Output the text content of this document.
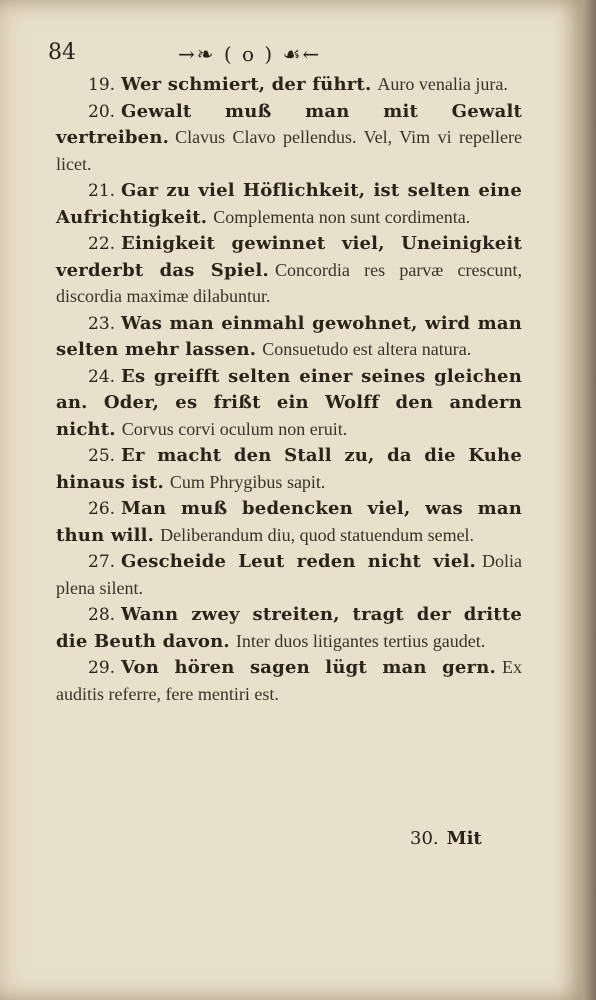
84	→❧ ( o ) ☙←

19. Wer schmiert, der führt. Auro venalia jura.

20. Gewalt muß man mit Gewalt vertreiben. Clavus Clavo pellendus. Vel, Vim vi repellere licet.

21. Gar zu viel Höflichkeit, ist selten eine Aufrichtigkeit. Complementa non sunt cordimenta.

22. Einigkeit gewinnet viel, Uneinigkeit verderbt das Spiel. Concordia res parvæ crescunt, discordia maximæ dilabuntur.

23. Was man einmahl gewohnet, wird man selten mehr lassen. Consuetudo est altera natura.

24. Es greifft selten einer seines gleichen an. Oder, es frißt ein Wolff den andern nicht. Corvus corvi oculum non eruit.

25. Er macht den Stall zu, da die Kuhe hinaus ist. Cum Phrygibus sapit.

26. Man muß bedencken viel, was man thun will. Deliberandum diu, quod statuendum semel.

27. Gescheide Leut reden nicht viel. Dolia plena silent.

28. Wann zwey streiten, tragt der dritte die Beuth davon. Inter duos litigantes tertius gaudet.

29. Von hören sagen lügt man gern. Ex auditis referre, fere mentiri est.

30. Mit
